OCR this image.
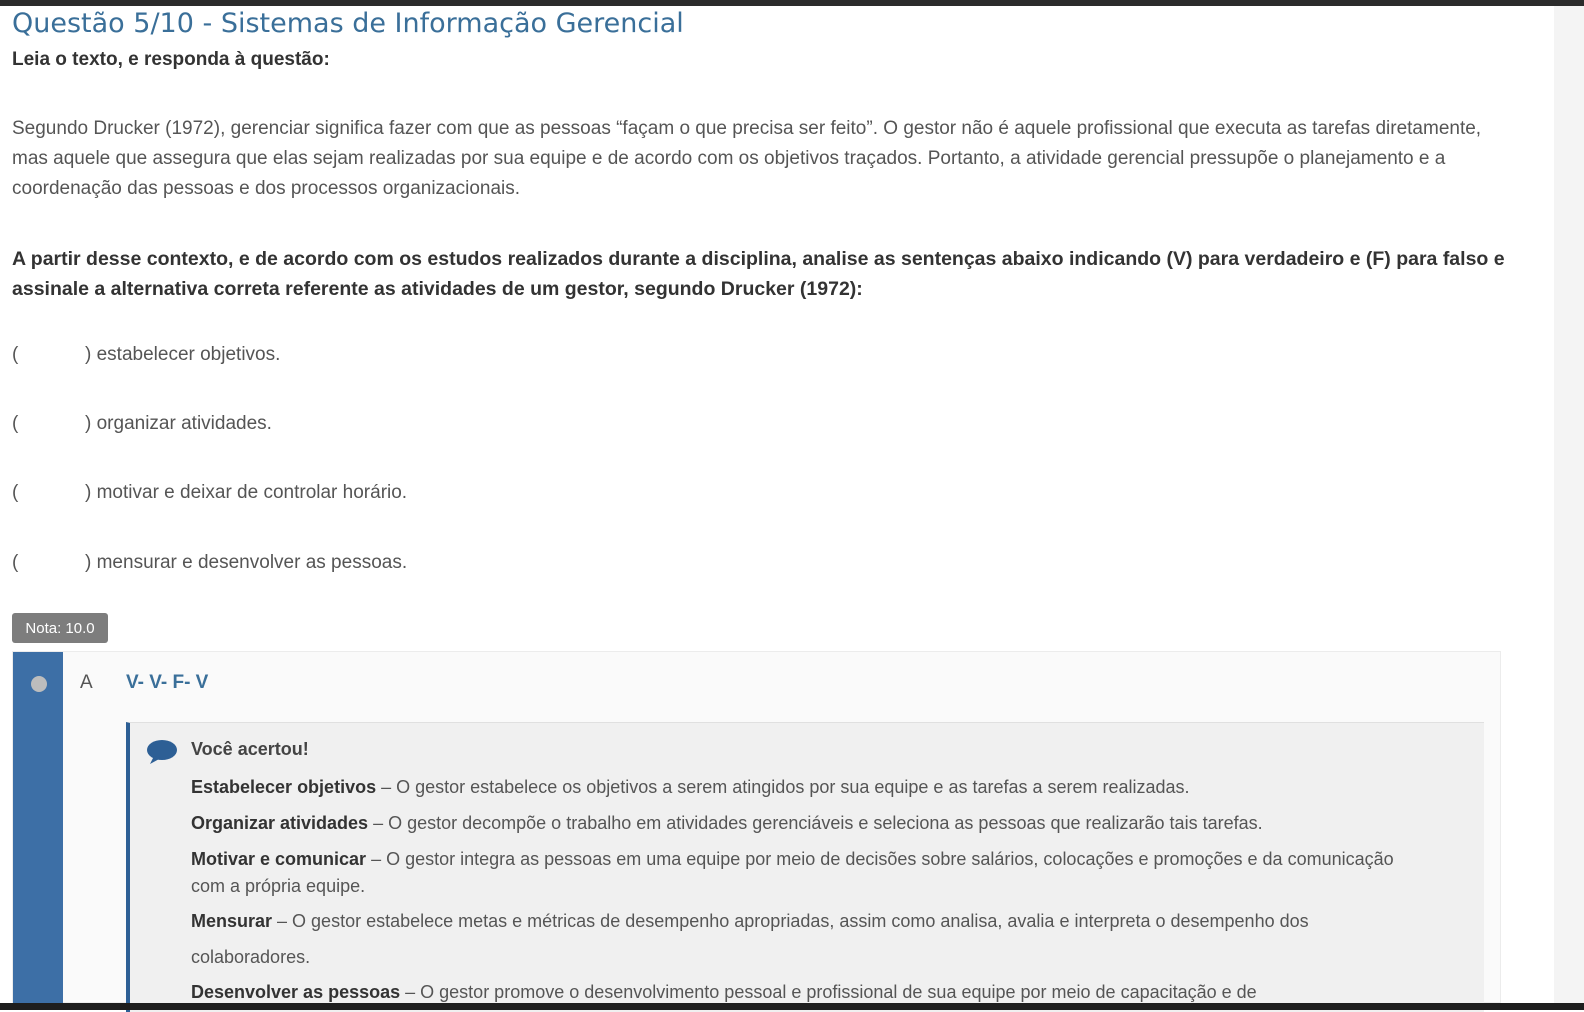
Questão 5/10 - Sistemas de Informação Gerencial
Leia o texto, e responda à questão:
Segundo Drucker (1972), gerenciar significa fazer com que as pessoas “façam o que precisa ser feito”. O gestor não é aquele profissional que executa as tarefas diretamente, mas aquele que assegura que elas sejam realizadas por sua equipe e de acordo com os objetivos traçados. Portanto, a atividade gerencial pressupõe o planejamento e a coordenação das pessoas e dos processos organizacionais.
A partir desse contexto, e de acordo com os estudos realizados durante a disciplina, analise as sentenças abaixo indicando (V) para verdadeiro e (F) para falso e assinale a alternativa correta referente as atividades de um gestor, segundo Drucker (1972):
(	) estabelecer objetivos.
(	) organizar atividades.
(	) motivar e deixar de controlar horário.
(	) mensurar e desenvolver as pessoas.
Nota: 10.0
A V- V- F- V
Você acertou!
Estabelecer objetivos – O gestor estabelece os objetivos a serem atingidos por sua equipe e as tarefas a serem realizadas.
Organizar atividades – O gestor decompõe o trabalho em atividades gerenciáveis e seleciona as pessoas que realizarão tais tarefas.
Motivar e comunicar – O gestor integra as pessoas em uma equipe por meio de decisões sobre salários, colocações e promoções e da comunicação com a própria equipe.
Mensurar – O gestor estabelece metas e métricas de desempenho apropriadas, assim como analisa, avalia e interpreta o desempenho dos colaboradores.
Desenvolver as pessoas – O gestor promove o desenvolvimento pessoal e profissional de sua equipe por meio de capacitação e de
